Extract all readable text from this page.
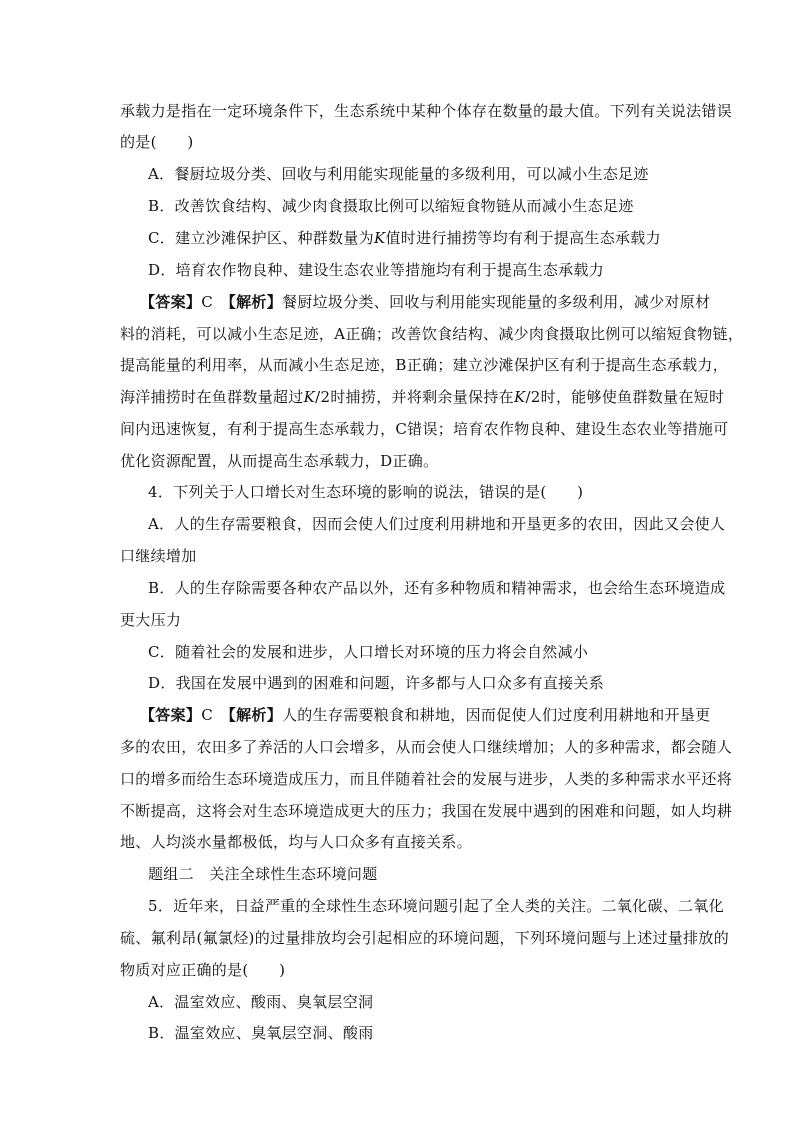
承载力是指在一定环境条件下，生态系统中某种个体存在数量的最大值。下列有关说法错误
的是(　　)
A．餐厨垃圾分类、回收与利用能实现能量的多级利用，可以减小生态足迹
B．改善饮食结构、减少肉食摄取比例可以缩短食物链从而减小生态足迹
C．建立沙滩保护区、种群数量为K值时进行捕捞等均有利于提高生态承载力
D．培育农作物良种、建设生态农业等措施均有利于提高生态承载力
【答案】C　 【解析】餐厨垃圾分类、回收与利用能实现能量的多级利用，减少对原材
料的消耗，可以减小生态足迹，A正确；改善饮食结构、减少肉食摄取比例可以缩短食物链，
提高能量的利用率，从而减小生态足迹，B正确；建立沙滩保护区有利于提高生态承载力，
海洋捕捞时在鱼群数量超过K/2时捕捞，并将剩余量保持在K/2时，能够使鱼群数量在短时
间内迅速恢复，有利于提高生态承载力，C错误；培育农作物良种、建设生态农业等措施可
优化资源配置，从而提高生态承载力，D正确。
4．下列关于人口增长对生态环境的影响的说法，错误的是(　　)
A．人的生存需要粮食，因而会使人们过度利用耕地和开垦更多的农田，因此又会使人
口继续增加
B．人的生存除需要各种农产品以外，还有多种物质和精神需求，也会给生态环境造成
更大压力
C．随着社会的发展和进步，人口增长对环境的压力将会自然减小
D．我国在发展中遇到的困难和问题，许多都与人口众多有直接关系
【答案】C　 【解析】人的生存需要粮食和耕地，因而促使人们过度利用耕地和开垦更
多的农田，农田多了养活的人口会增多，从而会使人口继续增加；人的多种需求，都会随人
口的增多而给生态环境造成压力，而且伴随着社会的发展与进步，人类的多种需求水平还将
不断提高，这将会对生态环境造成更大的压力；我国在发展中遇到的困难和问题，如人均耕
地、人均淡水量都极低，均与人口众多有直接关系。
题组二　关注全球性生态环境问题
5．近年来，日益严重的全球性生态环境问题引起了全人类的关注。二氧化碳、二氧化
硫、氟利昂(氟氯烃)的过量排放均会引起相应的环境问题，下列环境问题与上述过量排放的
物质对应正确的是(　　)
A．温室效应、酸雨、臭氧层空洞
B．温室效应、臭氧层空洞、酸雨
